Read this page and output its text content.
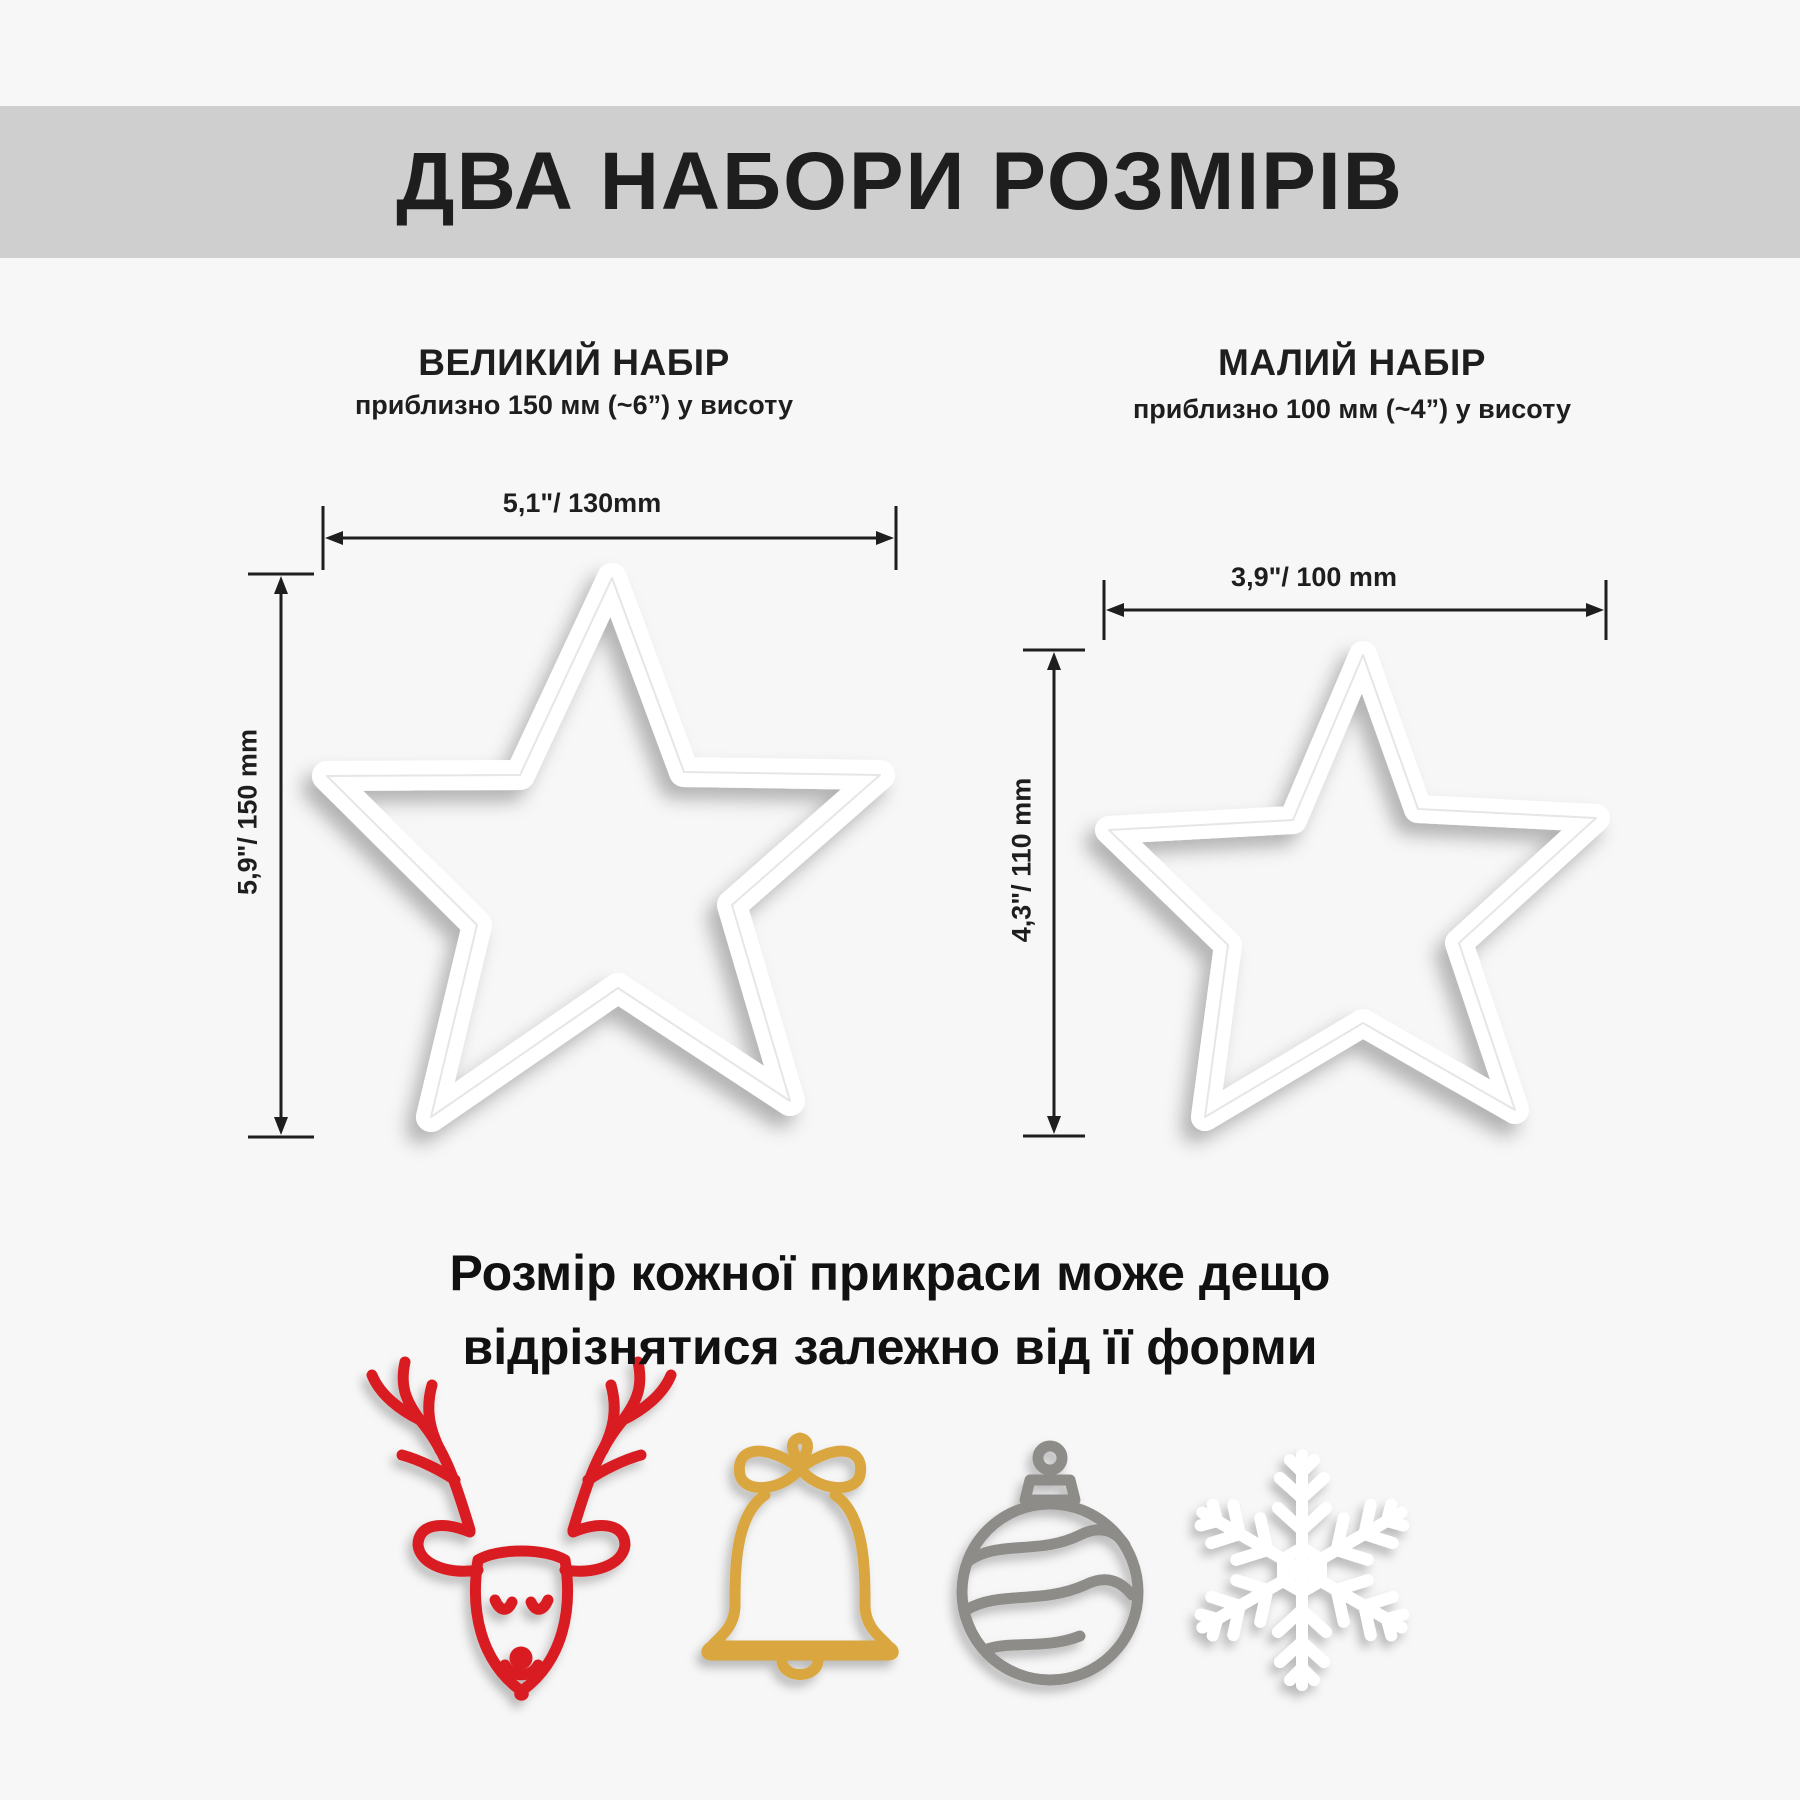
ДВА НАБОРИ РОЗМІРІВ
ВЕЛИКИЙ НАБІР
приблизно 150 мм (~6”) у висоту
МАЛИЙ НАБІР
приблизно 100 мм (~4”) у висоту
5,1"/ 130mm
5,9"/ 150 mm
3,9"/ 100 mm
4,3"/ 110 mm
Розмір кожної прикраси може дещо
відрізнятися залежно від її форми
